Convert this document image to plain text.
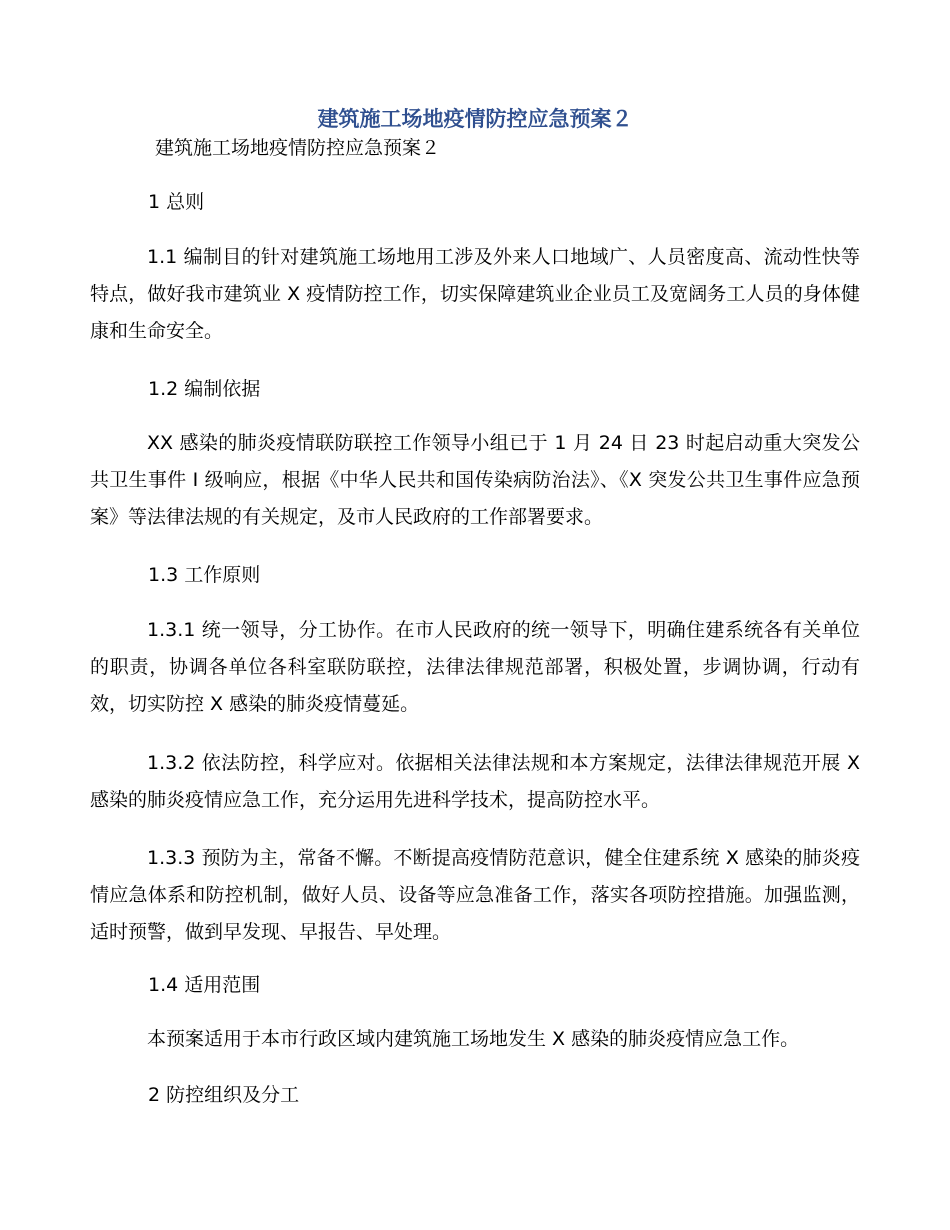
建筑施工场地疫情防控应急预案２

建筑施工场地疫情防控应急预案２

1 总则

1.1 编制目的针对建筑施工场地用工涉及外来人口地域广、人员密度高、流动性快等特点，做好我市建筑业 X 疫情防控工作，切实保障建筑业企业员工及宽阔务工人员的身体健康和生命安全。

1.2 编制依据

XX 感染的肺炎疫情联防联控工作领导小组已于 1 月 24 日 23 时起启动重大突发公共卫生事件 I 级响应，根据《中华人民共和国传染病防治法》、《X 突发公共卫生事件应急预案》等法律法规的有关规定，及市人民政府的工作部署要求。

1.3 工作原则

1.3.1 统一领导，分工协作。在市人民政府的统一领导下，明确住建系统各有关单位的职责，协调各单位各科室联防联控，法律法律规范部署，积极处置，步调协调，行动有效，切实防控 X 感染的肺炎疫情蔓延。

1.3.2 依法防控，科学应对。依据相关法律法规和本方案规定，法律法律规范开展 X 感染的肺炎疫情应急工作，充分运用先进科学技术，提高防控水平。

1.3.3 预防为主，常备不懈。不断提高疫情防范意识，健全住建系统 X 感染的肺炎疫情应急体系和防控机制，做好人员、设备等应急准备工作，落实各项防控措施。加强监测，适时预警，做到早发现、早报告、早处理。

1.4 适用范围

本预案适用于本市行政区域内建筑施工场地发生 X 感染的肺炎疫情应急工作。

2 防控组织及分工
